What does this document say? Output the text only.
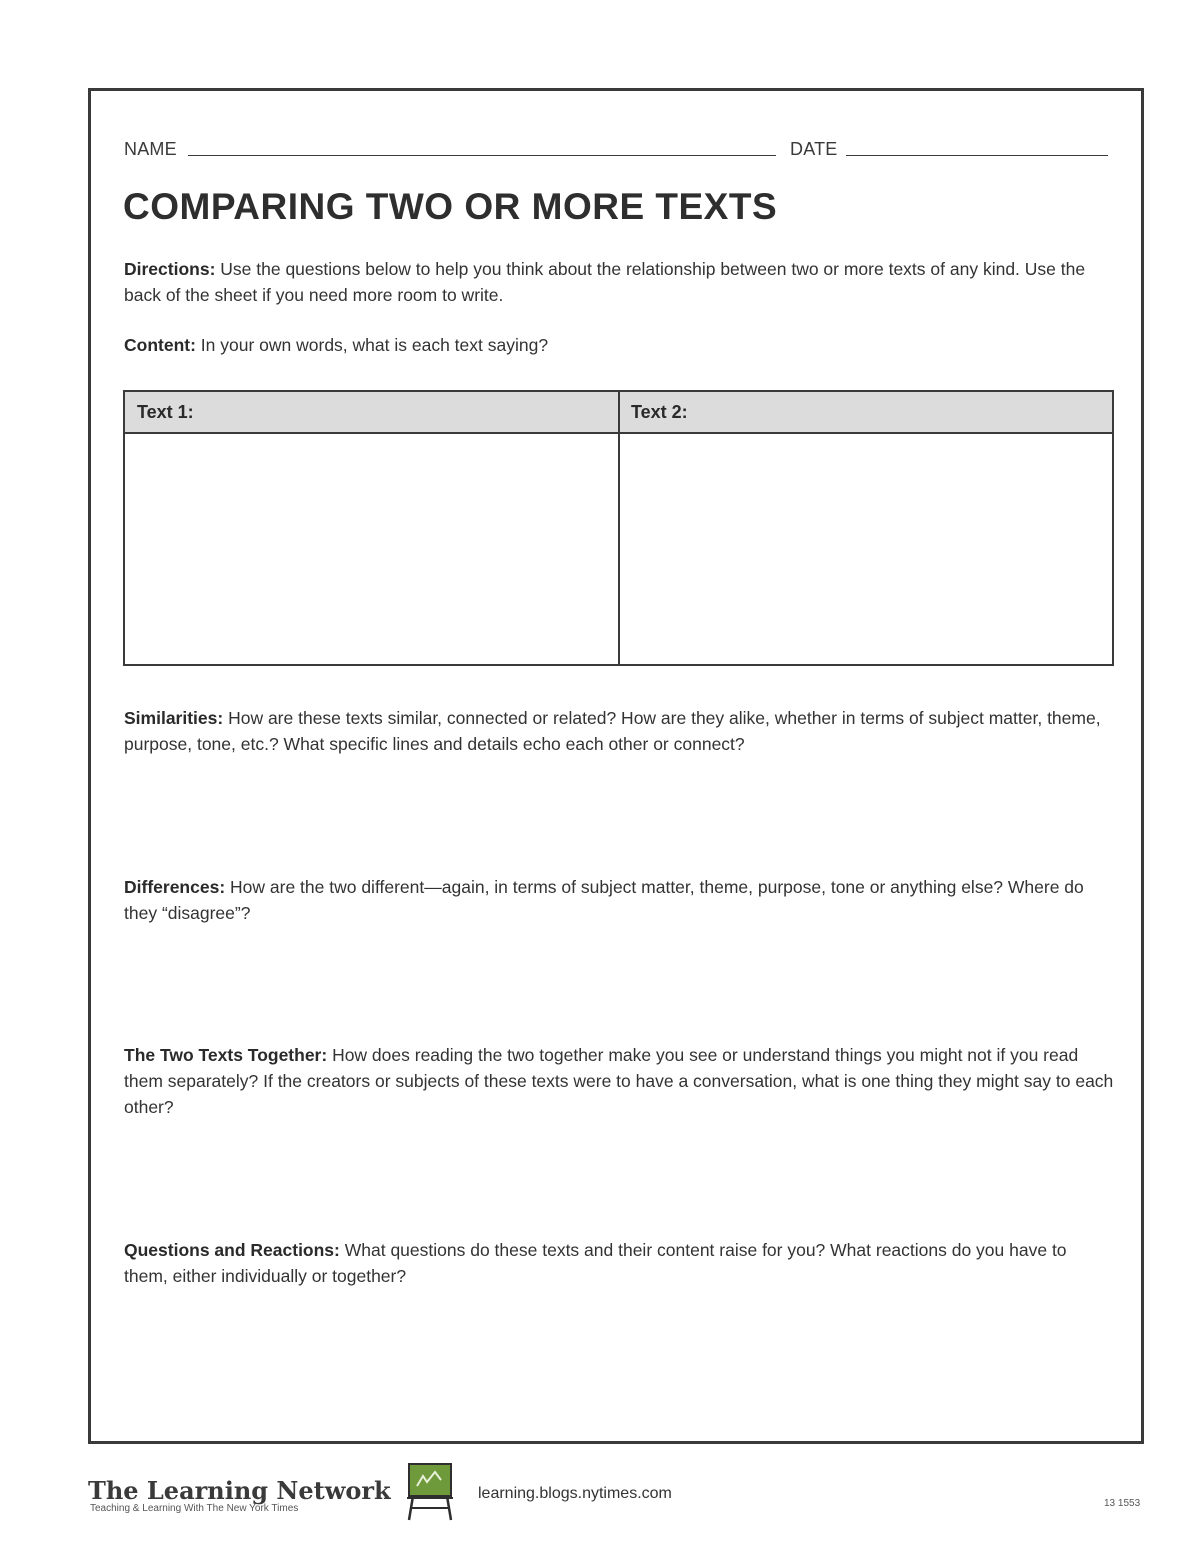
NAME	DATE
COMPARING TWO OR MORE TEXTS
Directions: Use the questions below to help you think about the relationship between two or more texts of any kind. Use the back of the sheet if you need more room to write.
Content: In your own words, what is each text saying?
Text 1:	Text 2:
Similarities: How are these texts similar, connected or related? How are they alike, whether in terms of subject matter, theme, purpose, tone, etc.? What specific lines and details echo each other or connect?
Differences: How are the two different—again, in terms of subject matter, theme, purpose, tone or anything else? Where do they “disagree”?
The Two Texts Together: How does reading the two together make you see or understand things you might not if you read them separately? If the creators or subjects of these texts were to have a conversation, what is one thing they might say to each other?
Questions and Reactions: What questions do these texts and their content raise for you? What reactions do you have to them, either individually or together?
The Learning Network
Teaching & Learning With The New York Times
learning.blogs.nytimes.com
13 1553
